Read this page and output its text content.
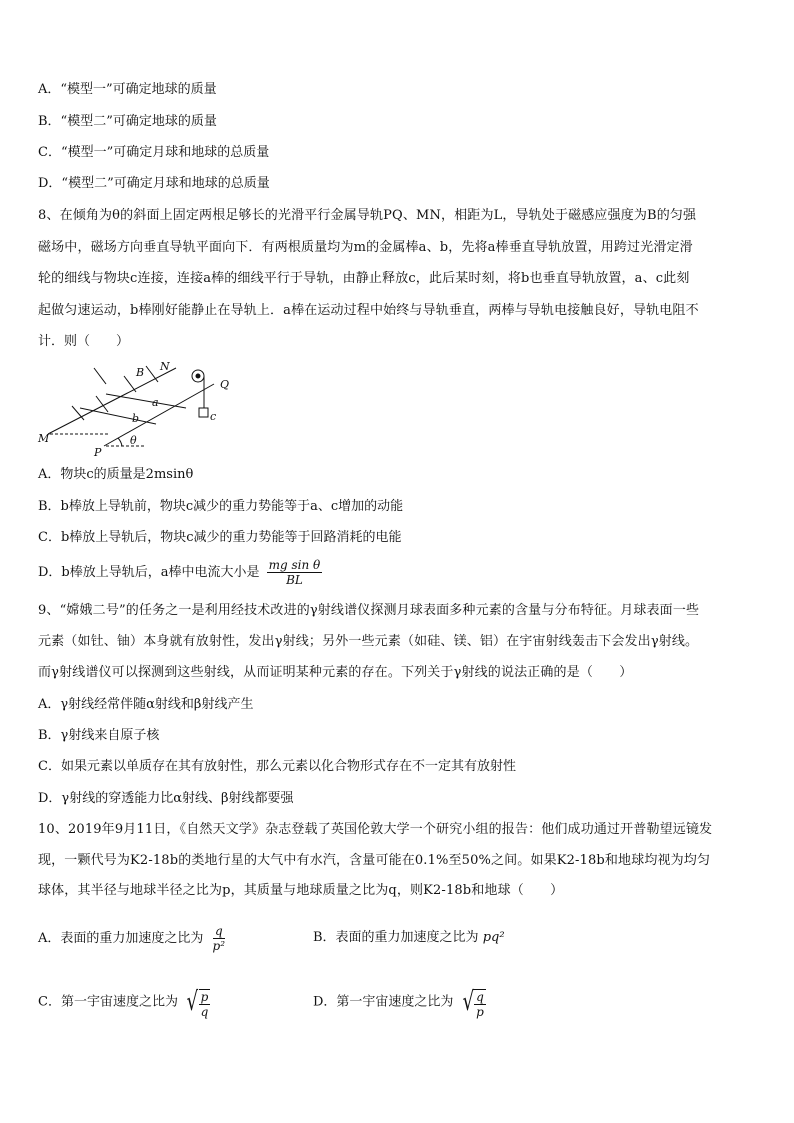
A．“模型一”可确定地球的质量
B．“模型二”可确定地球的质量
C．“模型一”可确定月球和地球的总质量
D．“模型二”可确定月球和地球的总质量
8、在倾角为θ的斜面上固定两根足够长的光滑平行金属导轨PQ、MN，相距为L，导轨处于磁感应强度为B的匀强
磁场中，磁场方向垂直导轨平面向下．有两根质量均为m的金属棒a、b，先将a棒垂直导轨放置，用跨过光滑定滑
轮的细线与物块c连接，连接a棒的细线平行于导轨，由静止释放c，此后某时刻，将b也垂直导轨放置，a、c此刻
起做匀速运动，b棒刚好能静止在导轨上．a棒在运动过程中始终与导轨垂直，两棒与导轨电接触良好，导轨电阻不
计．则（　　）
B N
Q
a
b	c
M
P
θ
A．物块c的质量是2msinθ
B．b棒放上导轨前，物块c减少的重力势能等于a、c增加的动能
C．b棒放上导轨后，物块c减少的重力势能等于回路消耗的电能
D．b棒放上导轨后，a棒中电流大小是 $\frac{\text{mg sin θ}}{BL}$
9、“嫦娥二号”的任务之一是利用经技术改进的γ射线谱仪探测月球表面多种元素的含量与分布特征。月球表面一些
元素（如钍、铀）本身就有放射性，发出γ射线；另外一些元素（如硅、镁、铝）在宇宙射线轰击下会发出γ射线。
而γ射线谱仪可以探测到这些射线，从而证明某种元素的存在。下列关于γ射线的说法正确的是（　　）
A．γ射线经常伴随α射线和β射线产生
B．γ射线来自原子核
C．如果元素以单质存在其有放射性，那么元素以化合物形式存在不一定其有放射性
D．γ射线的穿透能力比α射线、β射线都要强
10、2019年9月11日，《自然天文学》杂志登载了英国伦敦大学一个研究小组的报告：他们成功通过开普勒望远镜发
现，一颗代号为K2-18b的类地行星的大气中有水汽，含量可能在0.1%至50%之间。如果K2-18b和地球均视为均匀
球体，其半径与地球半径之比为p，其质量与地球质量之比为q，则K2-18b和地球（　　）
A．表面的重力加速度之比为 $\frac{q}{\text{p²}}$	B．表面的重力加速度之比为 pq²
C．第一宇宙速度之比为 √ $\frac{p}{q}$	D．第一宇宙速度之比为 √ $\frac{q}{p}$
